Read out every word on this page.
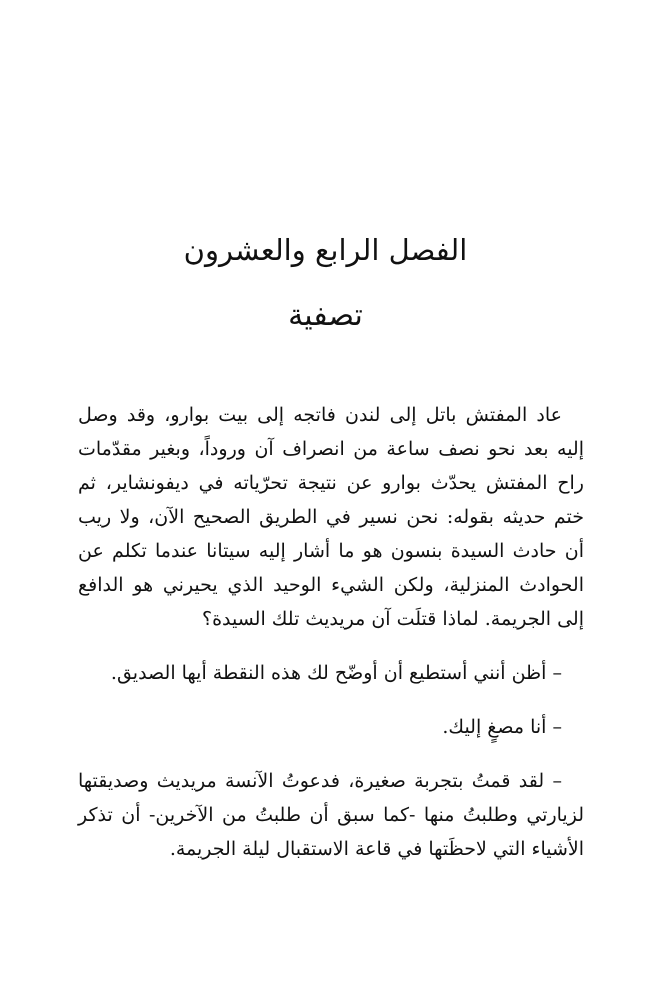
الفصل الرابع والعشرون
تصفية

عاد المفتش باتل إلى لندن فاتجه إلى بيت بوارو، وقد وصل إليه بعد نحو نصف ساعة من انصراف آن وروداً، وبغير مقدّمات راح المفتش يحدّث بوارو عن نتيجة تحرّياته في ديفونشاير، ثم ختم حديثه بقوله: نحن نسير في الطريق الصحيح الآن، ولا ريب أن حادث السيدة بنسون هو ما أشار إليه سيتانا عندما تكلم عن الحوادث المنزلية، ولكن الشيء الوحيد الذي يحيرني هو الدافع إلى الجريمة. لماذا قتلَت آن مريديث تلك السيدة؟

– أظن أنني أستطيع أن أوضّح لك هذه النقطة أيها الصديق.

– أنا مصغٍ إليك.

– لقد قمتُ بتجربة صغيرة، فدعوتُ الآنسة مريديث وصديقتها لزيارتي وطلبتُ منها -كما سبق أن طلبتُ من الآخرين- أن تذكر الأشياء التي لاحظَتها في قاعة الاستقبال ليلة الجريمة.
